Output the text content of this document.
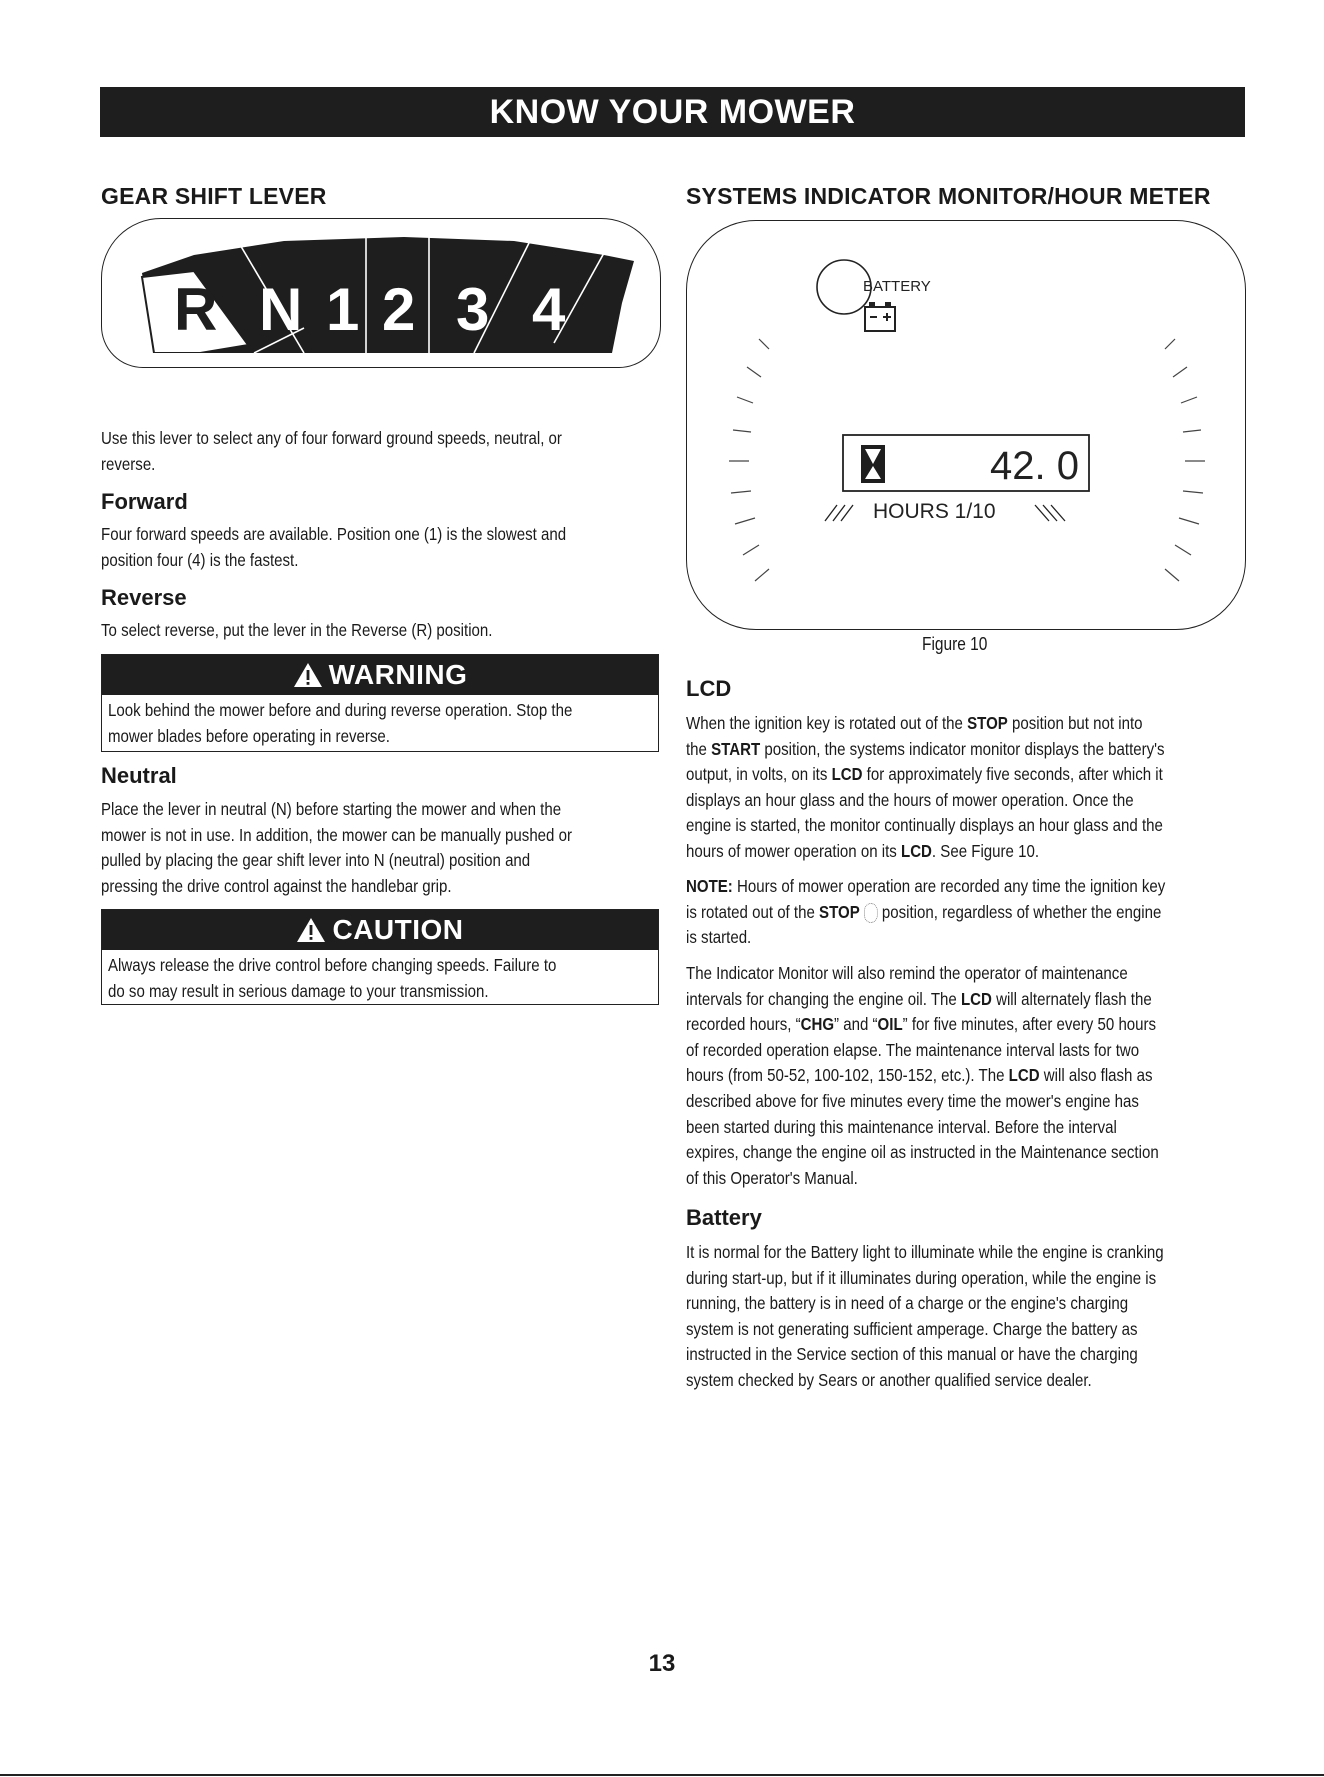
KNOW YOUR MOWER
GEAR SHIFT LEVER
R N 1 2 3 4
Use this lever to select any of four forward ground speeds, neutral, or reverse.
Forward
Four forward speeds are available. Position one (1) is the slowest and position four (4) is the fastest.
Reverse
To select reverse, put the lever in the Reverse (R) position.
WARNING
Look behind the mower before and during reverse operation. Stop the mower blades before operating in reverse.
Neutral
Place the lever in neutral (N) before starting the mower and when the mower is not in use. In addition, the mower can be manually pushed or pulled by placing the gear shift lever into N (neutral) position and pressing the drive control against the handlebar grip.
CAUTION
Always release the drive control before changing speeds. Failure to do so may result in serious damage to your transmission.
SYSTEMS INDICATOR MONITOR/HOUR METER
BATTERY
42. 0
HOURS 1/10
Figure 10
LCD
When the ignition key is rotated out of the STOP position but not into the START position, the systems indicator monitor displays the battery's output, in volts, on its LCD for approximately five seconds, after which it displays an hour glass and the hours of mower operation. Once the engine is started, the monitor continually displays an hour glass and the hours of mower operation on its LCD. See Figure 10.
NOTE: Hours of mower operation are recorded any time the ignition key is rotated out of the STOP  position, regardless of whether the engine is started.
The Indicator Monitor will also remind the operator of maintenance intervals for changing the engine oil. The LCD will alternately flash the recorded hours, “CHG” and “OIL” for five minutes, after every 50 hours of recorded operation elapse. The maintenance interval lasts for two hours (from 50-52, 100-102, 150-152, etc.). The LCD will also flash as described above for five minutes every time the mower's engine has been started during this maintenance interval. Before the interval expires, change the engine oil as instructed in the Maintenance section of this Operator's Manual.
Battery
It is normal for the Battery light to illuminate while the engine is cranking during start-up, but if it illuminates during operation, while the engine is running, the battery is in need of a charge or the engine's charging system is not generating sufficient amperage. Charge the battery as instructed in the Service section of this manual or have the charging system checked by Sears or another qualified service dealer.
13
